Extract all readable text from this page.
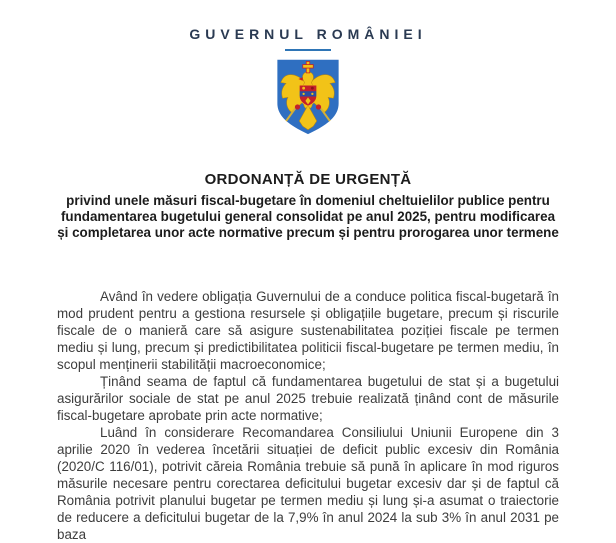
GUVERNUL ROMÂNIEI
ORDONANȚĂ DE URGENȚĂ
privind unele măsuri fiscal-bugetare în domeniul cheltuielilor publice pentru fundamentarea bugetului general consolidat pe anul 2025, pentru modificarea și completarea unor acte normative precum și pentru prorogarea unor termene

Având în vedere obligația Guvernului de a conduce politica fiscal-bugetară în mod prudent pentru a gestiona resursele și obligațiile bugetare, precum și riscurile fiscale de o manieră care să asigure sustenabilitatea poziției fiscale pe termen mediu și lung, precum și predictibilitatea politicii fiscal-bugetare pe termen mediu, în scopul menținerii stabilității macroeconomice;

Ținând seama de faptul că fundamentarea bugetului de stat și a bugetului asigurărilor sociale de stat pe anul 2025 trebuie realizată ținând cont de măsurile fiscal-bugetare aprobate prin acte normative;

Luând în considerare Recomandarea Consiliului Uniunii Europene din 3 aprilie 2020 în vederea încetării situației de deficit public excesiv din România (2020/C 116/01), potrivit căreia România trebuie să pună în aplicare în mod riguros măsurile necesare pentru corectarea deficitului bugetar excesiv dar și de faptul că România potrivit planului bugetar pe termen mediu și lung și-a asumat o traiectorie de reducere a deficitului bugetar de la 7,9% în anul 2024 la sub 3% în anul 2031 pe baza
